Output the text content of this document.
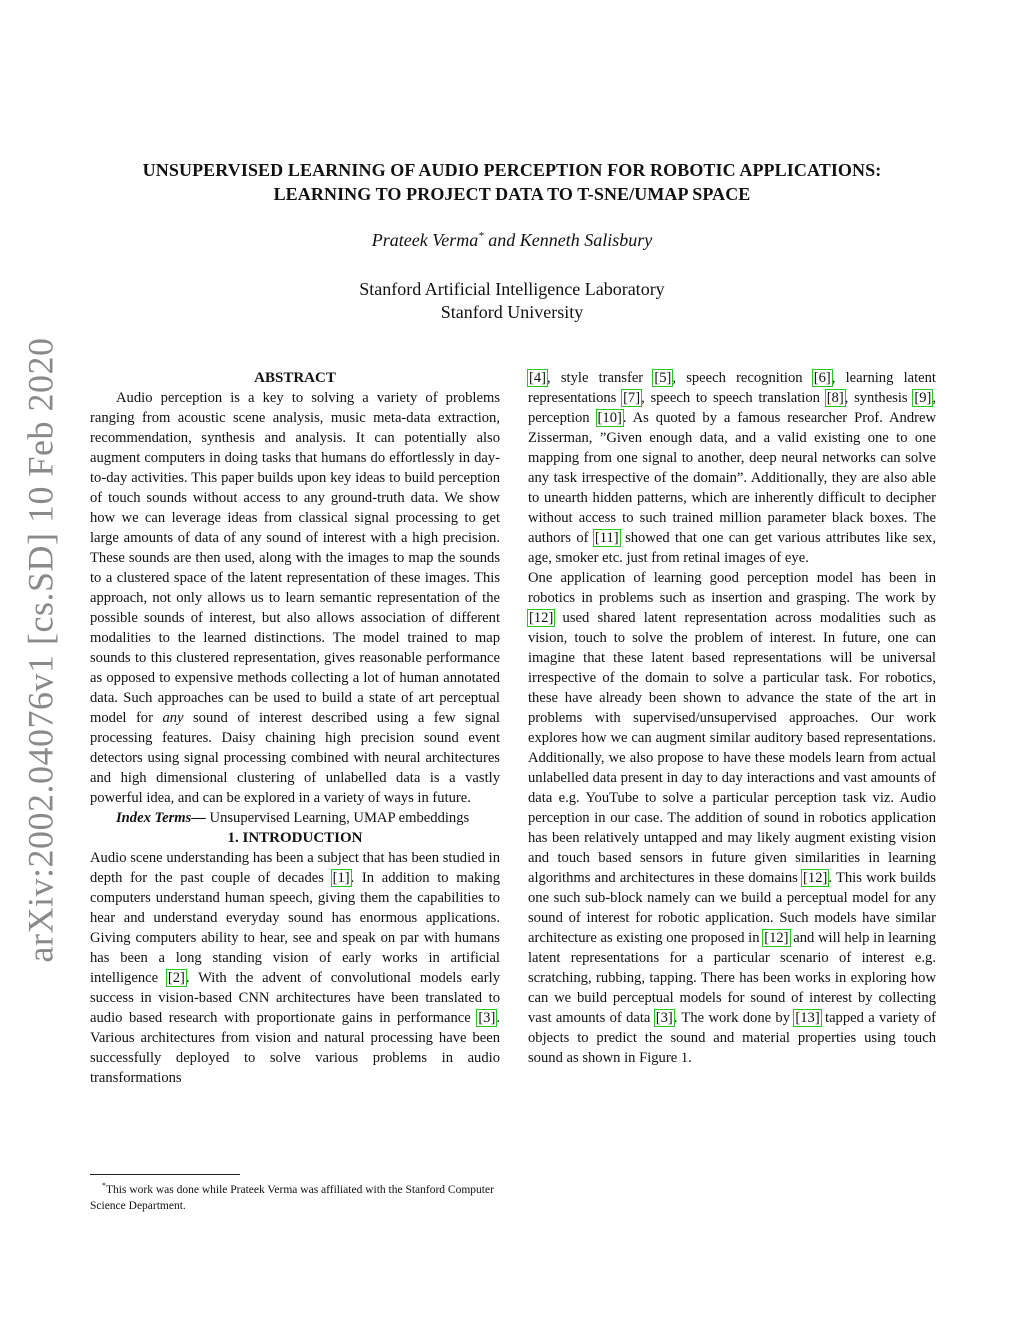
arXiv:2002.04076v1 [cs.SD] 10 Feb 2020
UNSUPERVISED LEARNING OF AUDIO PERCEPTION FOR ROBOTIC APPLICATIONS:
LEARNING TO PROJECT DATA TO T-SNE/UMAP SPACE
Prateek Verma* and Kenneth Salisbury
Stanford Artificial Intelligence Laboratory
Stanford University

ABSTRACT

Audio perception is a key to solving a variety of problems ranging from acoustic scene analysis, music meta-data extraction, recommendation, synthesis and analysis. It can potentially also augment computers in doing tasks that humans do effortlessly in day-to-day activities. This paper builds upon key ideas to build perception of touch sounds without access to any ground-truth data. We show how we can leverage ideas from classical signal processing to get large amounts of data of any sound of interest with a high precision. These sounds are then used, along with the images to map the sounds to a clustered space of the latent representation of these images. This approach, not only allows us to learn semantic representation of the possible sounds of interest, but also allows association of different modalities to the learned distinctions. The model trained to map sounds to this clustered representation, gives reasonable performance as opposed to expensive methods collecting a lot of human annotated data. Such approaches can be used to build a state of art perceptual model for any sound of interest described using a few signal processing features. Daisy chaining high precision sound event detectors using signal processing combined with neural architectures and high dimensional clustering of unlabelled data is a vastly powerful idea, and can be explored in a variety of ways in future.

Index Terms— Unsupervised Learning, UMAP embeddings

1. INTRODUCTION

Audio scene understanding has been a subject that has been studied in depth for the past couple of decades [1]. In addition to making computers understand human speech, giving them the capabilities to hear and understand everyday sound has enormous applications. Giving computers ability to hear, see and speak on par with humans has been a long standing vision of early works in artificial intelligence [2]. With the advent of convolutional models early success in vision-based CNN architectures have been translated to audio based research with proportionate gains in performance [3]. Various architectures from vision and natural processing have been successfully deployed to solve various problems in audio transformations

*This work was done while Prateek Verma was affiliated with the Stanford Computer Science Department.

[4], style transfer [5], speech recognition [6], learning latent representations [7], speech to speech translation [8], synthesis [9], perception [10]. As quoted by a famous researcher Prof. Andrew Zisserman, ”Given enough data, and a valid existing one to one mapping from one signal to another, deep neural networks can solve any task irrespective of the domain”. Additionally, they are also able to unearth hidden patterns, which are inherently difficult to decipher without access to such trained million parameter black boxes. The authors of [11] showed that one can get various attributes like sex, age, smoker etc. just from retinal images of eye.

One application of learning good perception model has been in robotics in problems such as insertion and grasping. The work by [12] used shared latent representation across modalities such as vision, touch to solve the problem of interest. In future, one can imagine that these latent based representations will be universal irrespective of the domain to solve a particular task. For robotics, these have already been shown to advance the state of the art in problems with supervised/unsupervised approaches. Our work explores how we can augment similar auditory based representations. Additionally, we also propose to have these models learn from actual unlabelled data present in day to day interactions and vast amounts of data e.g. YouTube to solve a particular perception task viz. Audio perception in our case. The addition of sound in robotics application has been relatively untapped and may likely augment existing vision and touch based sensors in future given similarities in learning algorithms and architectures in these domains [12]. This work builds one such sub-block namely can we build a perceptual model for any sound of interest for robotic application. Such models have similar architecture as existing one proposed in [12] and will help in learning latent representations for a particular scenario of interest e.g. scratching, rubbing, tapping. There has been works in exploring how can we build perceptual models for sound of interest by collecting vast amounts of data [3]. The work done by [13] tapped a variety of objects to predict the sound and material properties using touch sound as shown in Figure 1.
